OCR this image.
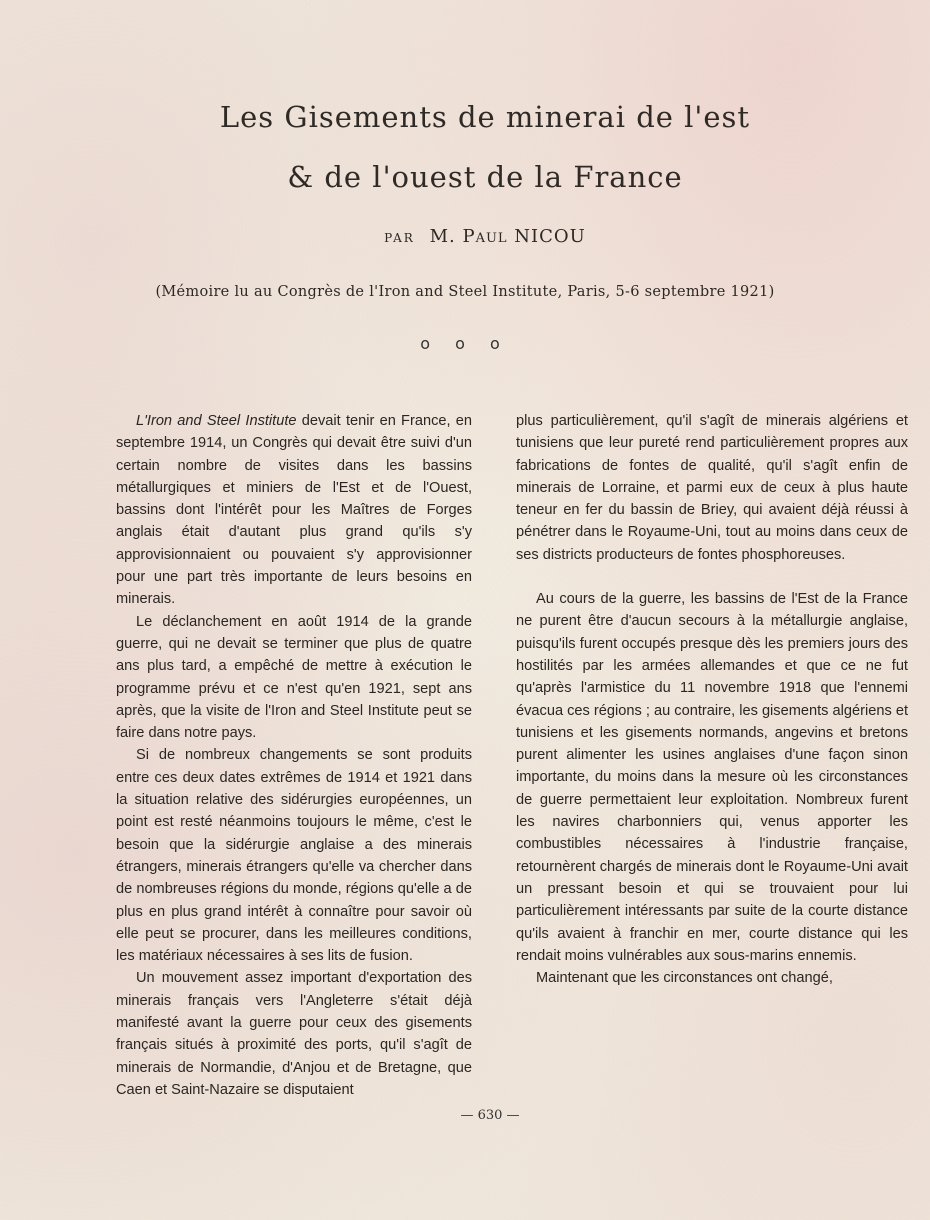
Les Gisements de minerai de l'est
& de l'ouest de la France
PAR M. Paul NICOU
(Mémoire lu au Congrès de l'Iron and Steel Institute, Paris, 5-6 septembre 1921)
o o o

L'Iron and Steel Institute devait tenir en France, en septembre 1914, un Congrès qui devait être suivi d'un certain nombre de visites dans les bassins métallurgiques et miniers de l'Est et de l'Ouest, bassins dont l'intérêt pour les Maîtres de Forges anglais était d'autant plus grand qu'ils s'y approvisionnaient ou pouvaient s'y approvisionner pour une part très importante de leurs besoins en minerais.

Le déclanchement en août 1914 de la grande guerre, qui ne devait se terminer que plus de quatre ans plus tard, a empêché de mettre à exécution le programme prévu et ce n'est qu'en 1921, sept ans après, que la visite de l'Iron and Steel Institute peut se faire dans notre pays.

Si de nombreux changements se sont produits entre ces deux dates extrêmes de 1914 et 1921 dans la situation relative des sidérurgies européennes, un point est resté néanmoins toujours le même, c'est le besoin que la sidérurgie anglaise a des minerais étrangers, minerais étrangers qu'elle va chercher dans de nombreuses régions du monde, régions qu'elle a de plus en plus grand intérêt à connaître pour savoir où elle peut se procurer, dans les meilleures conditions, les matériaux nécessaires à ses lits de fusion.

Un mouvement assez important d'exportation des minerais français vers l'Angleterre s'était déjà manifesté avant la guerre pour ceux des gisements français situés à proximité des ports, qu'il s'agît de minerais de Normandie, d'Anjou et de Bretagne, que Caen et Saint-Nazaire se disputaient

plus particulièrement, qu'il s'agît de minerais algériens et tunisiens que leur pureté rend particulièrement propres aux fabrications de fontes de qualité, qu'il s'agît enfin de minerais de Lorraine, et parmi eux de ceux à plus haute teneur en fer du bassin de Briey, qui avaient déjà réussi à pénétrer dans le Royaume-Uni, tout au moins dans ceux de ses districts producteurs de fontes phosphoreuses.

Au cours de la guerre, les bassins de l'Est de la France ne purent être d'aucun secours à la métallurgie anglaise, puisqu'ils furent occupés presque dès les premiers jours des hostilités par les armées allemandes et que ce ne fut qu'après l'armistice du 11 novembre 1918 que l'ennemi évacua ces régions ; au contraire, les gisements algériens et tunisiens et les gisements normands, angevins et bretons purent alimenter les usines anglaises d'une façon sinon importante, du moins dans la mesure où les circonstances de guerre permettaient leur exploitation. Nombreux furent les navires charbonniers qui, venus apporter les combustibles nécessaires à l'industrie française, retournèrent chargés de minerais dont le Royaume-Uni avait un pressant besoin et qui se trouvaient pour lui particulièrement intéressants par suite de la courte distance qu'ils avaient à franchir en mer, courte distance qui les rendait moins vulnérables aux sous-marins ennemis.

Maintenant que les circonstances ont changé,

— 630 —
